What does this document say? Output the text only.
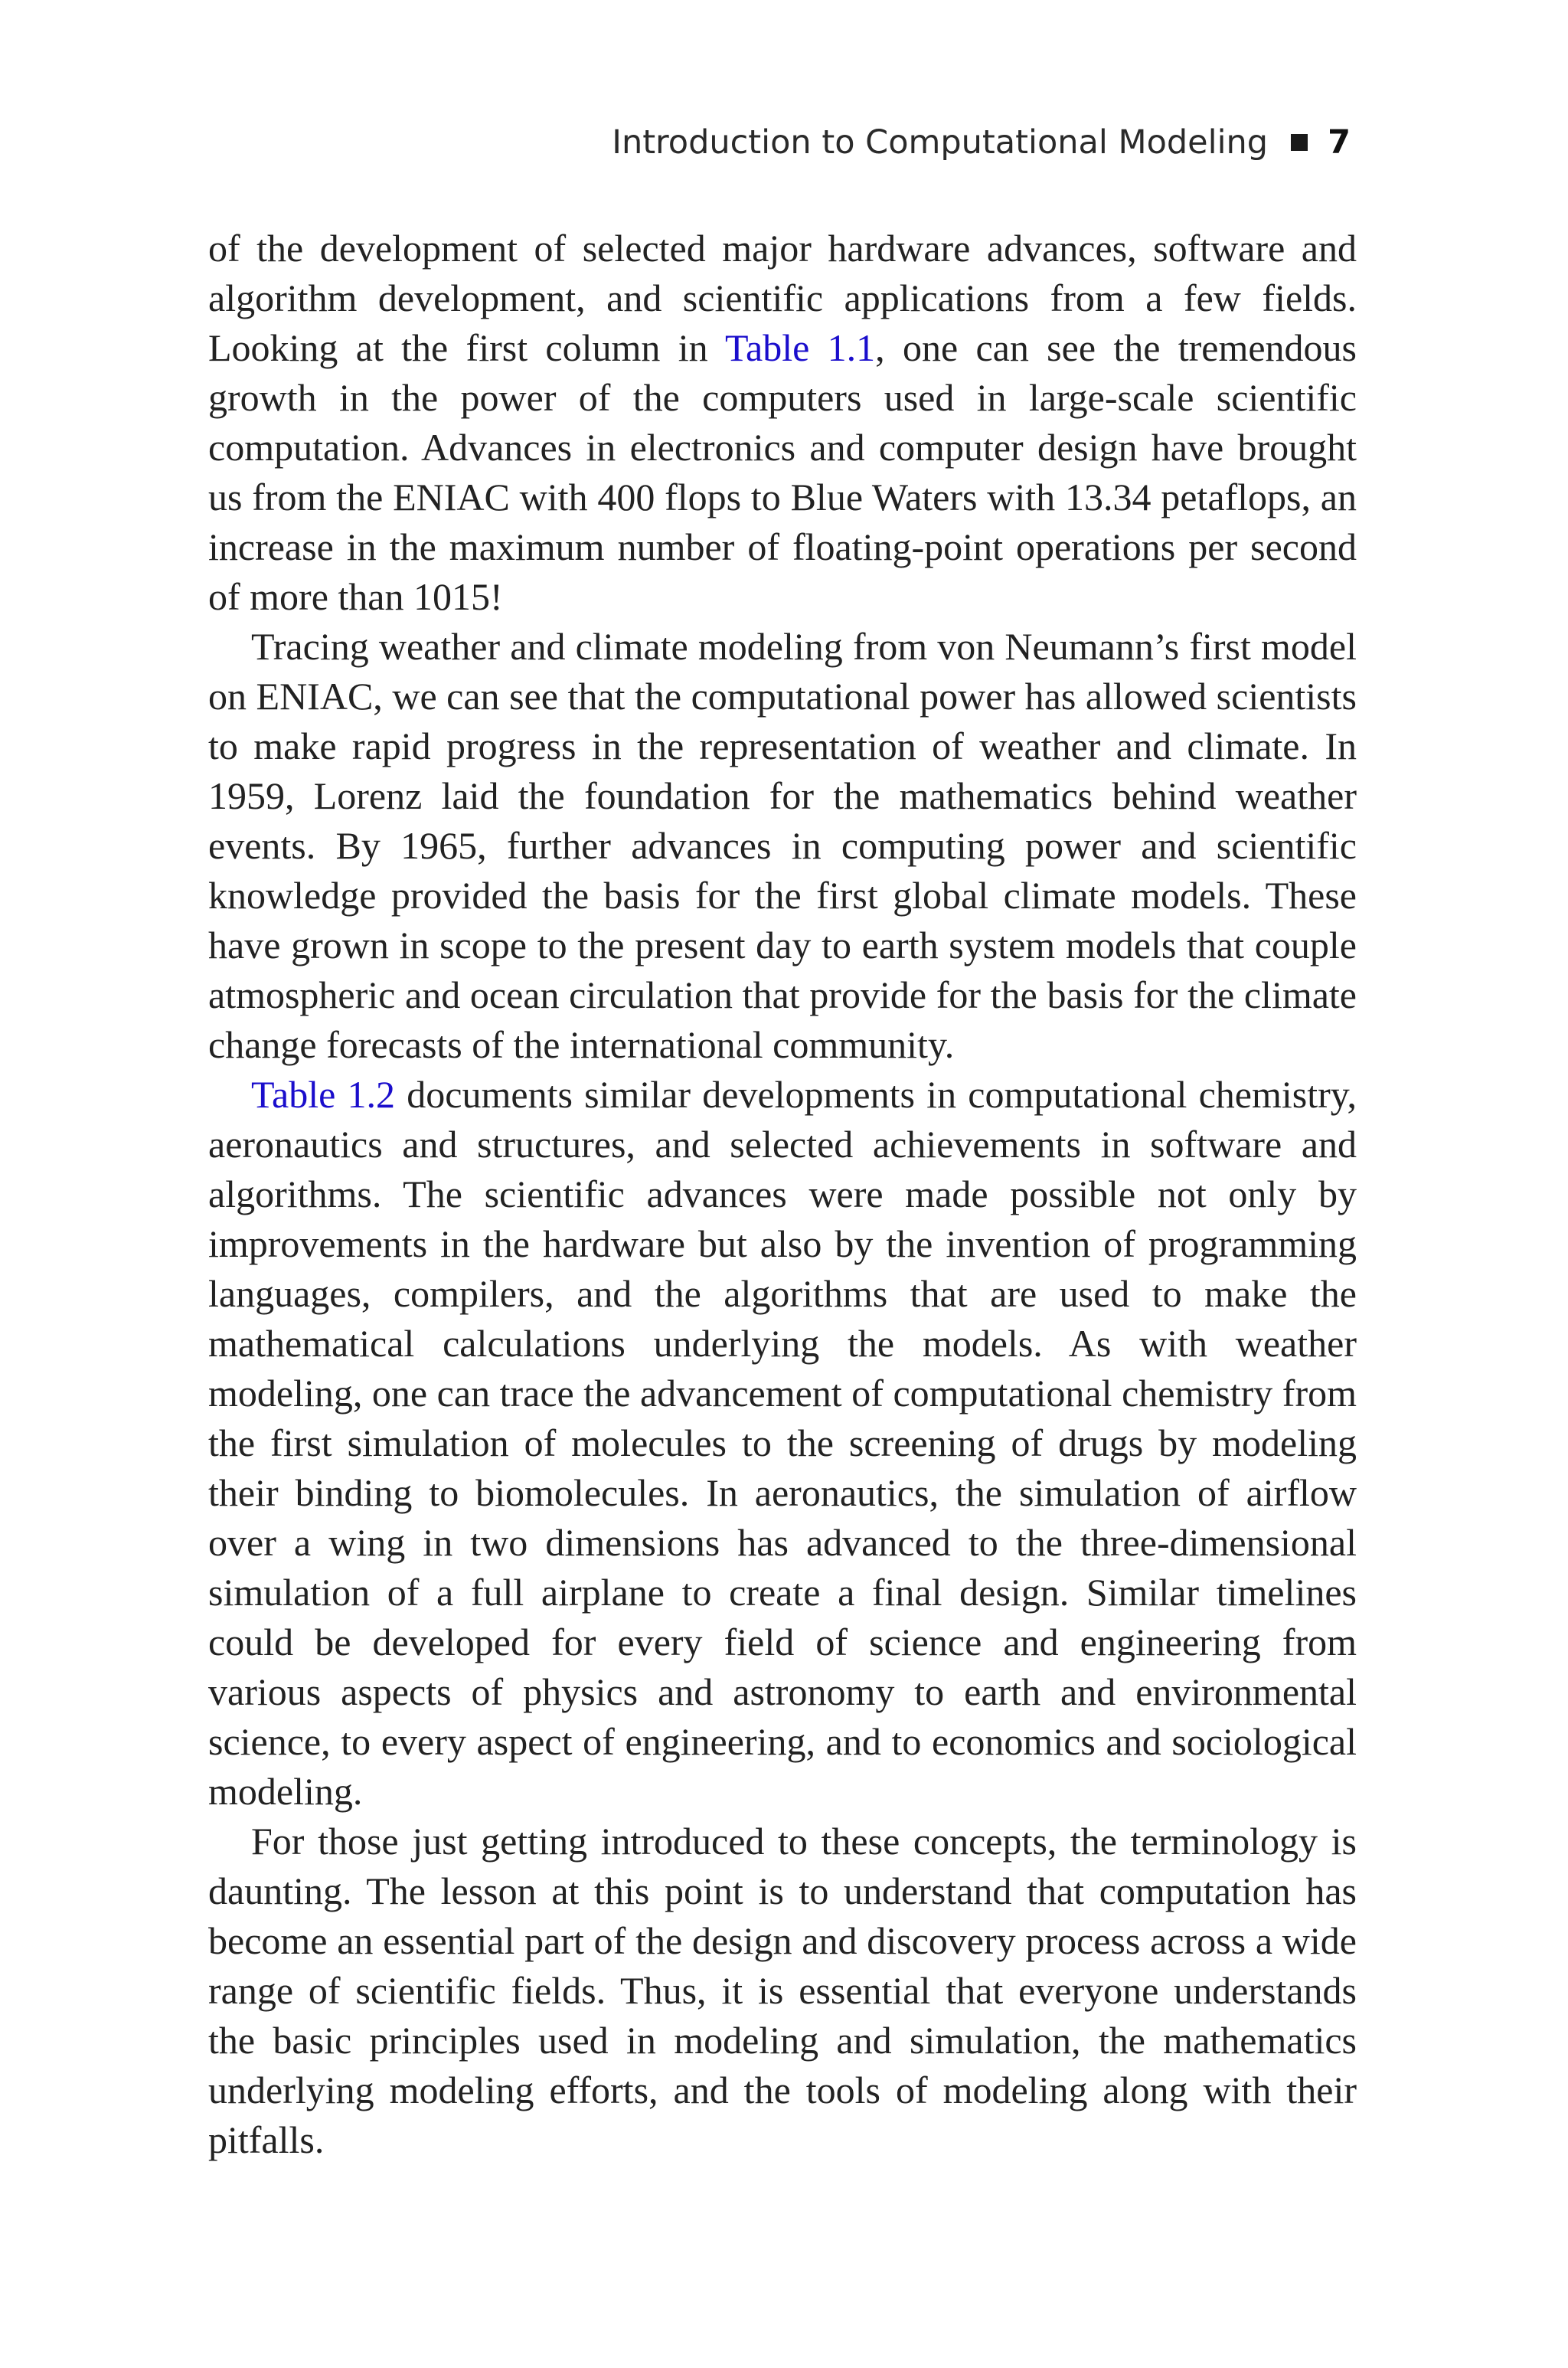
Introduction to Computational Modeling 7

of the development of selected major hardware advances, software and algorithm development, and scientific applications from a few fields. Looking at the first column in Table 1.1, one can see the tremendous growth in the power of the computers used in large-scale scientific computation. Advances in electronics and computer design have brought us from the ENIAC with 400 flops to Blue Waters with 13.34 petaflops, an increase in the maximum number of floating-point operations per second of more than 1015!

Tracing weather and climate modeling from von Neumann’s first model on ENIAC, we can see that the computational power has allowed scientists to make rapid progress in the representation of weather and climate. In 1959, Lorenz laid the foundation for the mathematics behind weather events. By 1965, further advances in computing power and scientific knowledge provided the basis for the first global climate models. These have grown in scope to the present day to earth system models that couple atmospheric and ocean circulation that provide for the basis for the climate change forecasts of the international community.

Table 1.2 documents similar developments in computational chemistry, aeronautics and structures, and selected achievements in software and algorithms. The scientific advances were made possible not only by improvements in the hardware but also by the invention of programming languages, compilers, and the algorithms that are used to make the mathematical calculations underlying the models. As with weather modeling, one can trace the advancement of computational chemistry from the first simulation of molecules to the screening of drugs by modeling their binding to biomolecules. In aeronautics, the simulation of airflow over a wing in two dimensions has advanced to the three-dimensional simulation of a full airplane to create a final design. Similar timelines could be developed for every field of science and engineering from various aspects of physics and astronomy to earth and environmental science, to every aspect of engineering, and to economics and sociological modeling.

For those just getting introduced to these concepts, the terminology is daunting. The lesson at this point is to understand that computation has become an essential part of the design and discovery process across a wide range of scientific fields. Thus, it is essential that everyone understands the basic principles used in modeling and simulation, the mathematics underlying modeling efforts, and the tools of modeling along with their pitfalls.
